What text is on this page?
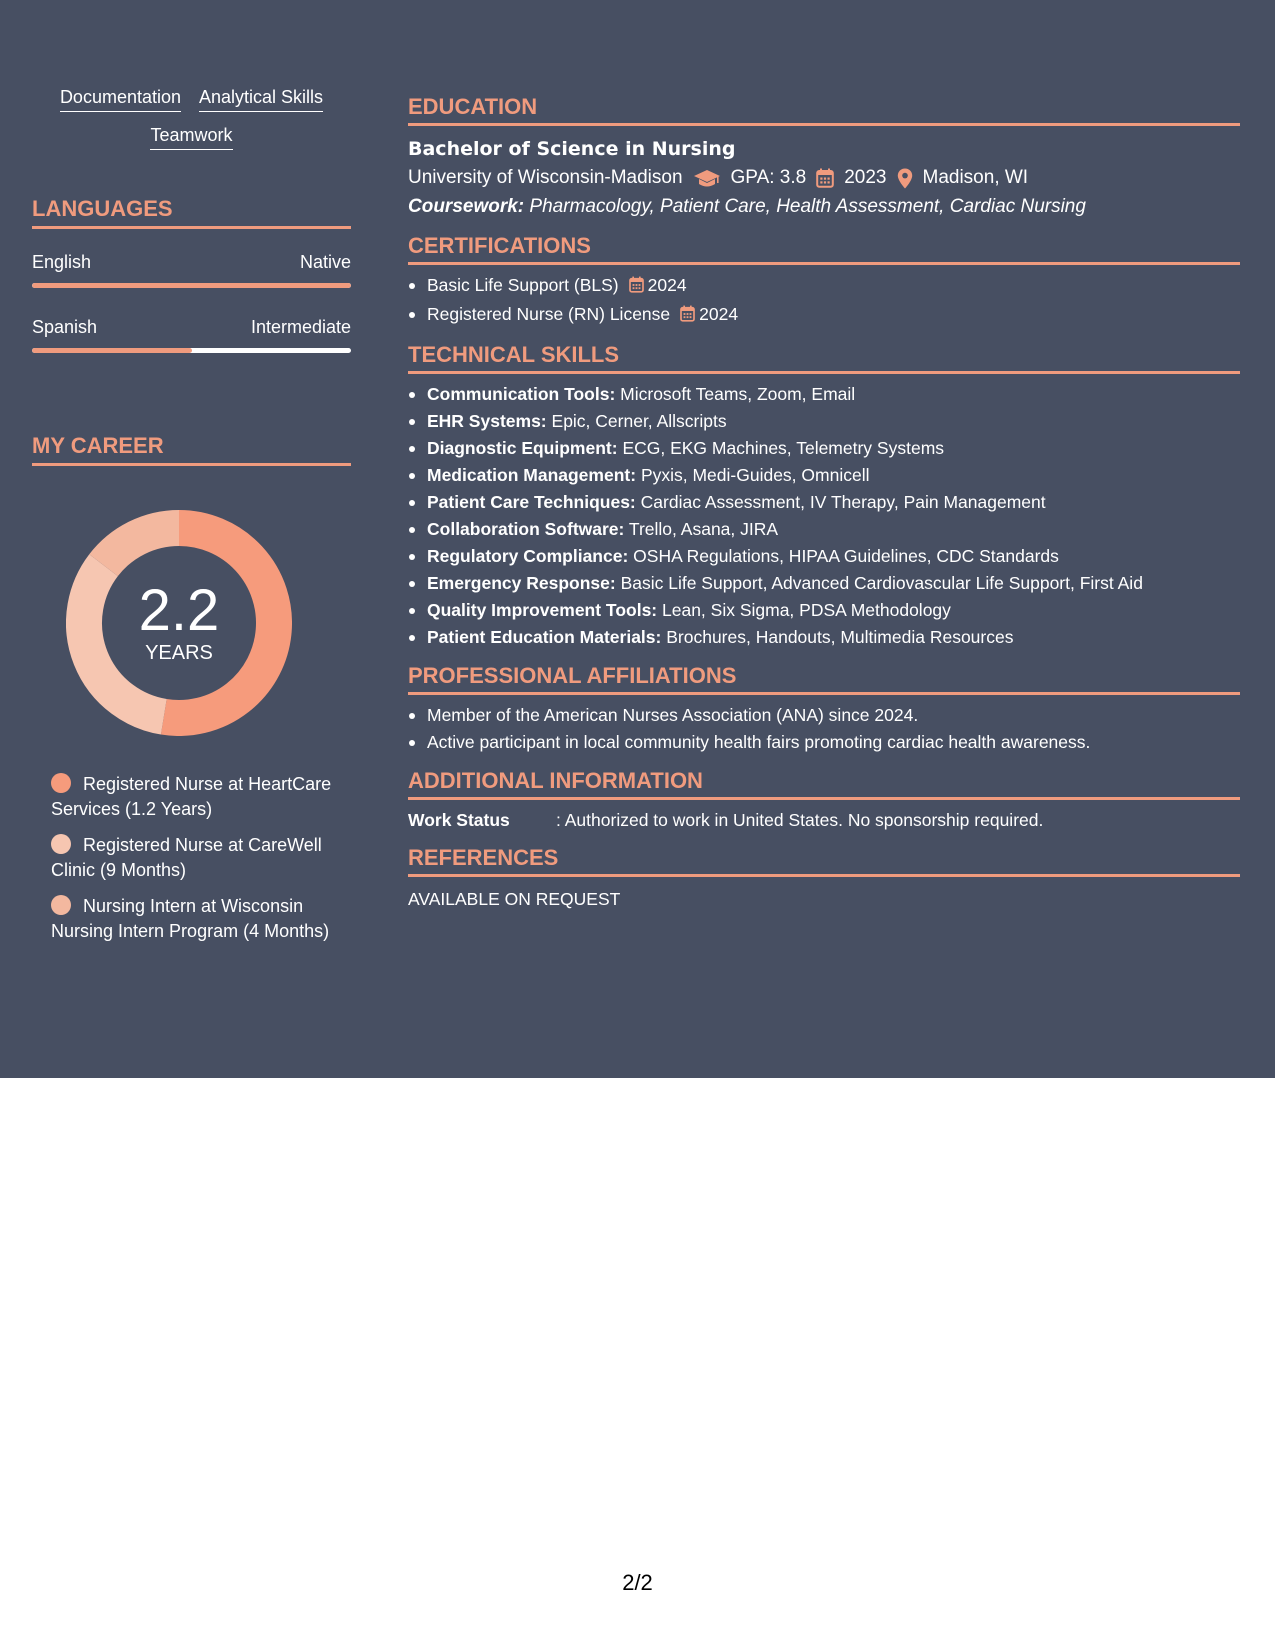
Documentation Analytical Skills
Teamwork
LANGUAGES
English	Native
Spanish	Intermediate
MY CAREER
2.2
YEARS
Registered Nurse at HeartCare Services (1.2 Years)
Registered Nurse at CareWell Clinic (9 Months)
Nursing Intern at Wisconsin Nursing Intern Program (4 Months)
EDUCATION
Bachelor of Science in Nursing
University of Wisconsin-Madison	GPA: 3.8 2023 Madison, WI
Coursework: Pharmacology, Patient Care, Health Assessment, Cardiac Nursing
CERTIFICATIONS
Basic Life Support (BLS) 2024
Registered Nurse (RN) License 2024
TECHNICAL SKILLS
Communication Tools: Microsoft Teams, Zoom, Email
EHR Systems: Epic, Cerner, Allscripts
Diagnostic Equipment: ECG, EKG Machines, Telemetry Systems
Medication Management: Pyxis, Medi-Guides, Omnicell
Patient Care Techniques: Cardiac Assessment, IV Therapy, Pain Management
Collaboration Software: Trello, Asana, JIRA
Regulatory Compliance: OSHA Regulations, HIPAA Guidelines, CDC Standards
Emergency Response: Basic Life Support, Advanced Cardiovascular Life Support, First Aid
Quality Improvement Tools: Lean, Six Sigma, PDSA Methodology
Patient Education Materials: Brochures, Handouts, Multimedia Resources
PROFESSIONAL AFFILIATIONS
Member of the American Nurses Association (ANA) since 2024.
Active participant in local community health fairs promoting cardiac health awareness.
ADDITIONAL INFORMATION
Work Status	: Authorized to work in United States. No sponsorship required.
REFERENCES
AVAILABLE ON REQUEST
2/2
